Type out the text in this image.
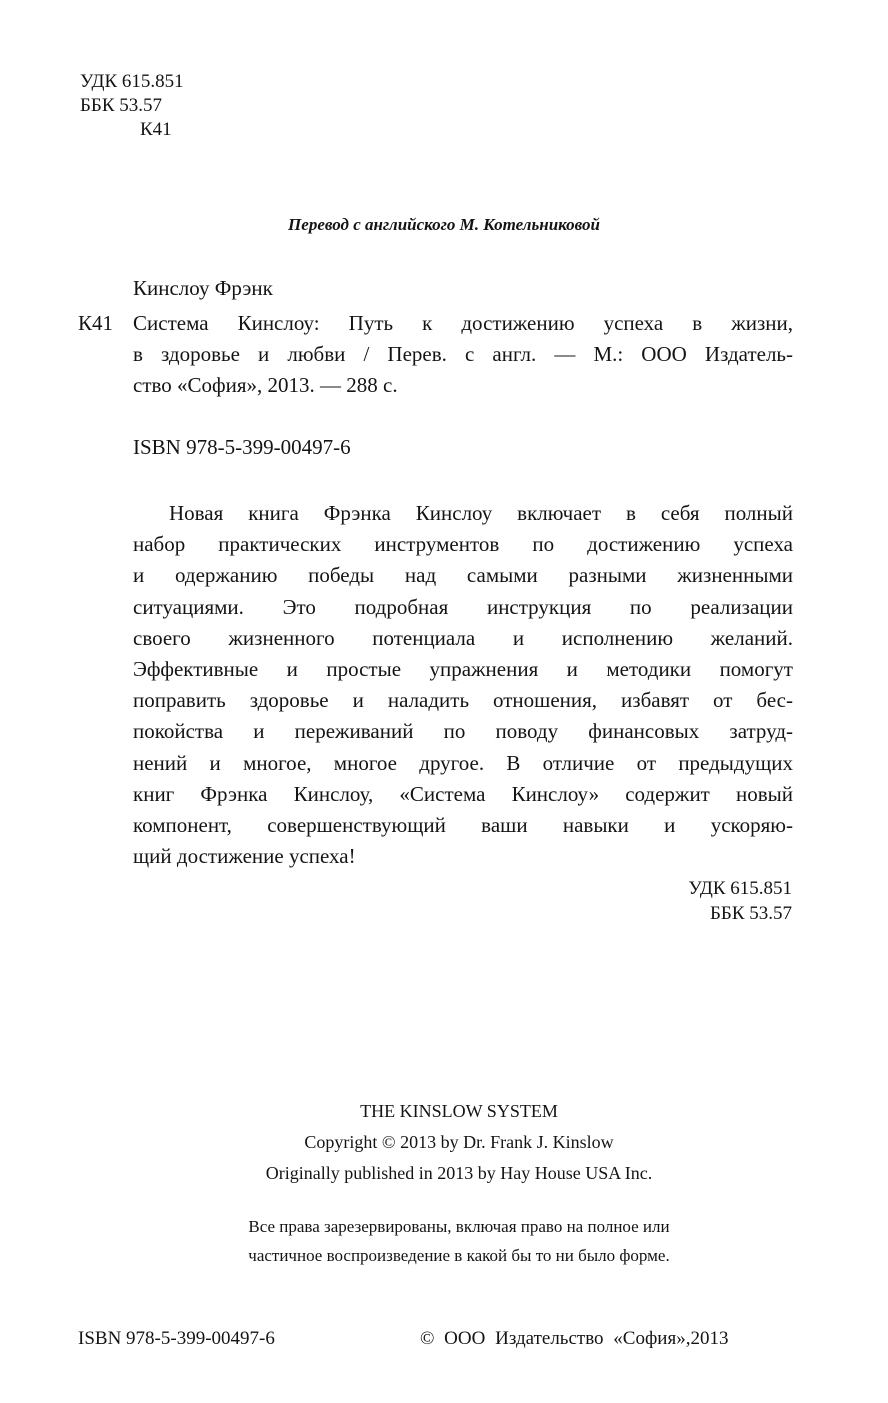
УДК 615.851
ББК 53.57
К41
Перевод с английского М. Котельниковой
Кинслоу Фрэнк
К41 Система Кинслоу: Путь к достижению успеха в жизни,
в здоровье и любви / Перев. с англ. — М.: ООО Издатель-
ство «София», 2013. — 288 с.
ISBN 978-5-399-00497-6
Новая книга Фрэнка Кинслоу включает в себя полный
набор практических инструментов по достижению успеха
и одержанию победы над самыми разными жизненными
ситуациями. Это подробная инструкция по реализации
своего жизненного потенциала и исполнению желаний.
Эффективные и простые упражнения и методики помогут
поправить здоровье и наладить отношения, избавят от бес-
покойства и переживаний по поводу финансовых затруд-
нений и многое, многое другое. В отличие от предыдущих
книг Фрэнка Кинслоу, «Система Кинслоу» содержит новый
компонент, совершенствующий ваши навыки и ускоряю-
щий достижение успеха!
УДК 615.851
ББК 53.57
THE KINSLOW SYSTEM
Copyright © 2013 by Dr. Frank J. Kinslow
Originally published in 2013 by Hay House USA Inc.
Все права зарезервированы, включая право на полное или
частичное воспроизведение в какой бы то ни было форме.
ISBN 978-5-399-00497-6	© ООО Издательство «София»,2013
